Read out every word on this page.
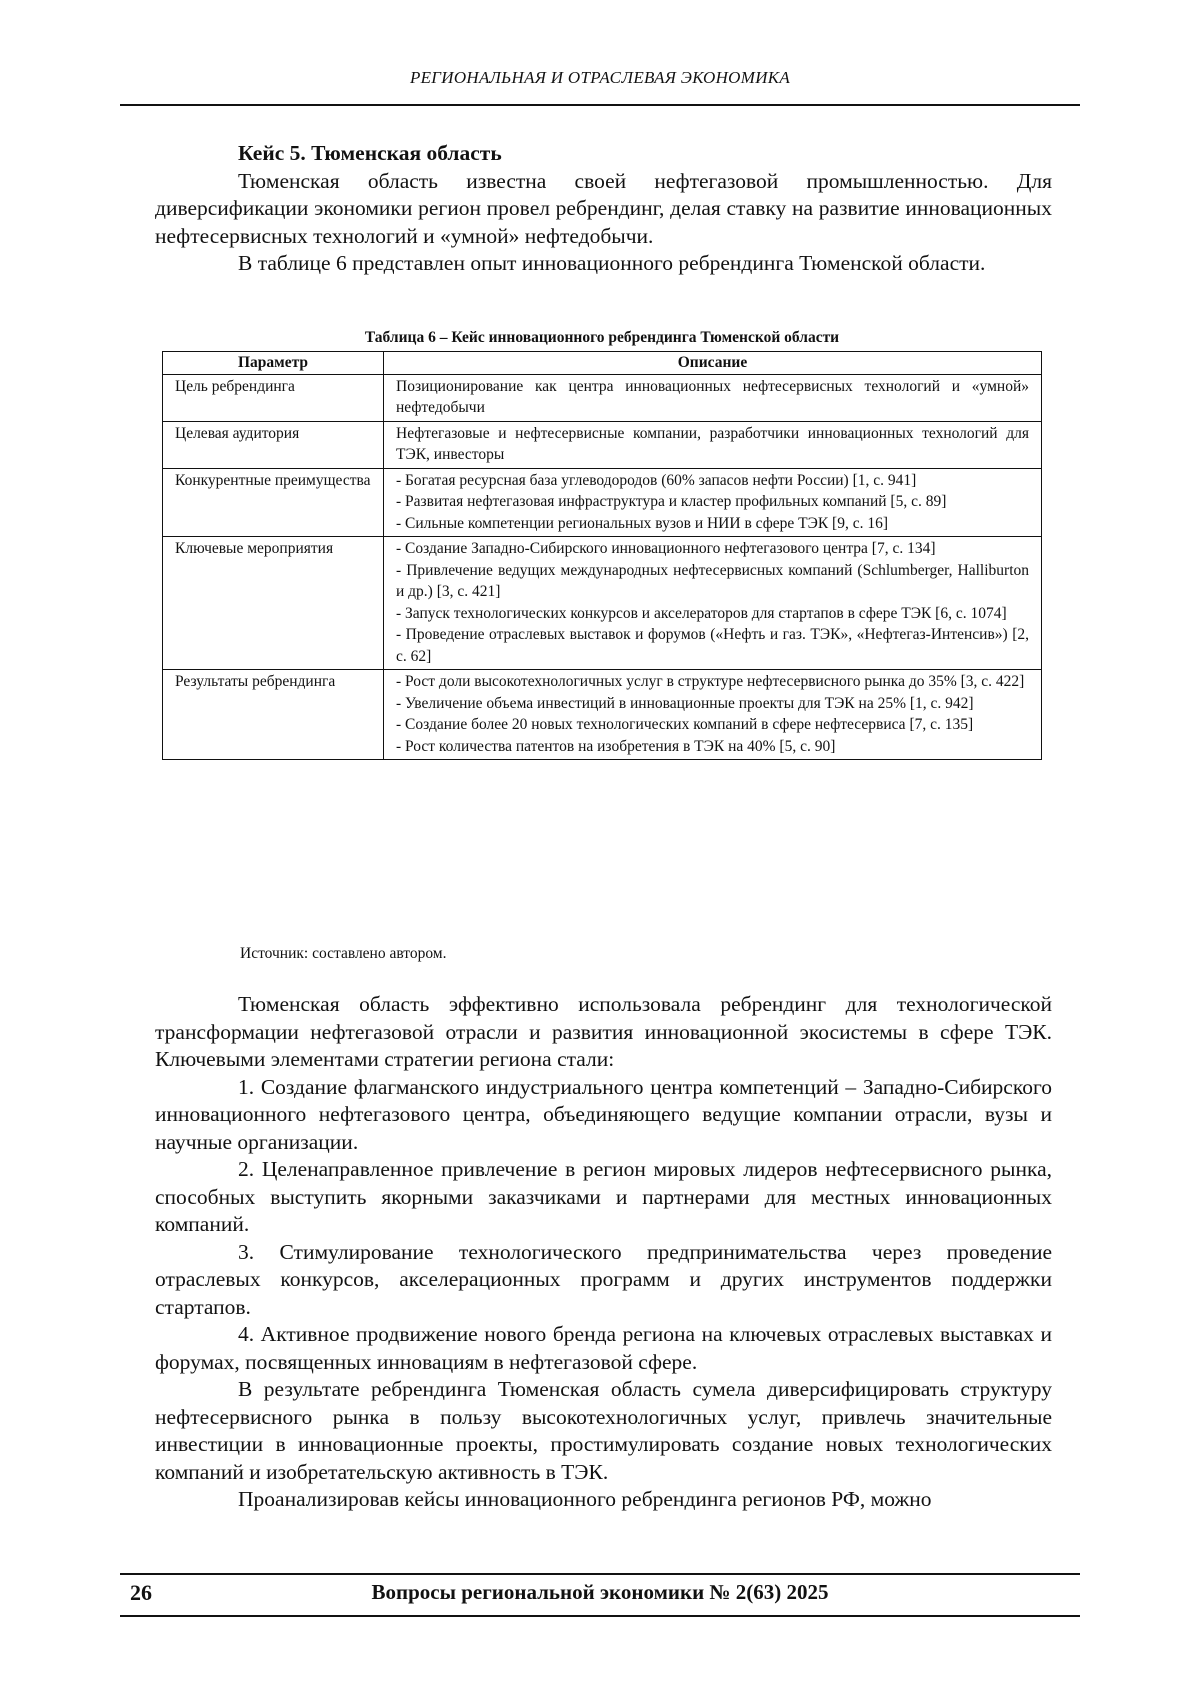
РЕГИОНАЛЬНАЯ И ОТРАСЛЕВАЯ ЭКОНОМИКА

Кейс 5. Тюменская область

Тюменская область известна своей нефтегазовой промышленностью. Для диверсификации экономики регион провел ребрендинг, делая ставку на развитие инновационных нефтесервисных технологий и «умной» нефтедобычи.

В таблице 6 представлен опыт инновационного ребрендинга Тюменской области.

Таблица 6 – Кейс инновационного ребрендинга Тюменской области
Параметр	Описание
Цель ребрендинга	Позиционирование как центра инновационных нефтесервисных технологий и «умной» нефтедобычи

Целевая аудитория	Нефтегазовые и нефтесервисные компании, разработчики инновационных технологий для ТЭК, инвесторы

Конкурентные преимущества	- Богатая ресурсная база углеводородов (60% запасов нефти России) [1, с. 941]
- Развитая нефтегазовая инфраструктура и кластер профильных компаний [5, с. 89]
- Сильные компетенции региональных вузов и НИИ в сфере ТЭК [9, с. 16]

Ключевые мероприятия	- Создание Западно-Сибирского инновационного нефтегазового центра [7, с. 134]
- Привлечение ведущих международных нефтесервисных компаний (Schlumberger, Halliburton и др.) [3, с. 421]
- Запуск технологических конкурсов и акселераторов для стартапов в сфере ТЭК [6, с. 1074]
- Проведение отраслевых выставок и форумов («Нефть и газ. ТЭК», «Нефтегаз-Интенсив») [2, с. 62]

Результаты ребрендинга	- Рост доли высокотехнологичных услуг в структуре нефтесервисного рынка до 35% [3, с. 422]
- Увеличение объема инвестиций в инновационные проекты для ТЭК на 25% [1, с. 942]
- Создание более 20 новых технологических компаний в сфере нефтесервиса [7, с. 135]
- Рост количества патентов на изобретения в ТЭК на 40% [5, с. 90]
Источник: составлено автором.

Тюменская область эффективно использовала ребрендинг для технологической трансформации нефтегазовой отрасли и развития инновационной экосистемы в сфере ТЭК. Ключевыми элементами стратегии региона стали:

1. Создание флагманского индустриального центра компетенций – Западно-Сибирского инновационного нефтегазового центра, объединяющего ведущие компании отрасли, вузы и научные организации.

2. Целенаправленное привлечение в регион мировых лидеров нефтесервисного рынка, способных выступить якорными заказчиками и партнерами для местных инновационных компаний.

3. Стимулирование технологического предпринимательства через проведение отраслевых конкурсов, акселерационных программ и других инструментов поддержки стартапов.

4. Активное продвижение нового бренда региона на ключевых отраслевых выставках и форумах, посвященных инновациям в нефтегазовой сфере.

В результате ребрендинга Тюменская область сумела диверсифицировать структуру нефтесервисного рынка в пользу высокотехнологичных услуг, привлечь значительные инвестиции в инновационные проекты, простимулировать создание новых технологических компаний и изобретательскую активность в ТЭК.

Проанализировав кейсы инновационного ребрендинга регионов РФ, можно

26	Вопросы региональной экономики № 2(63) 2025
